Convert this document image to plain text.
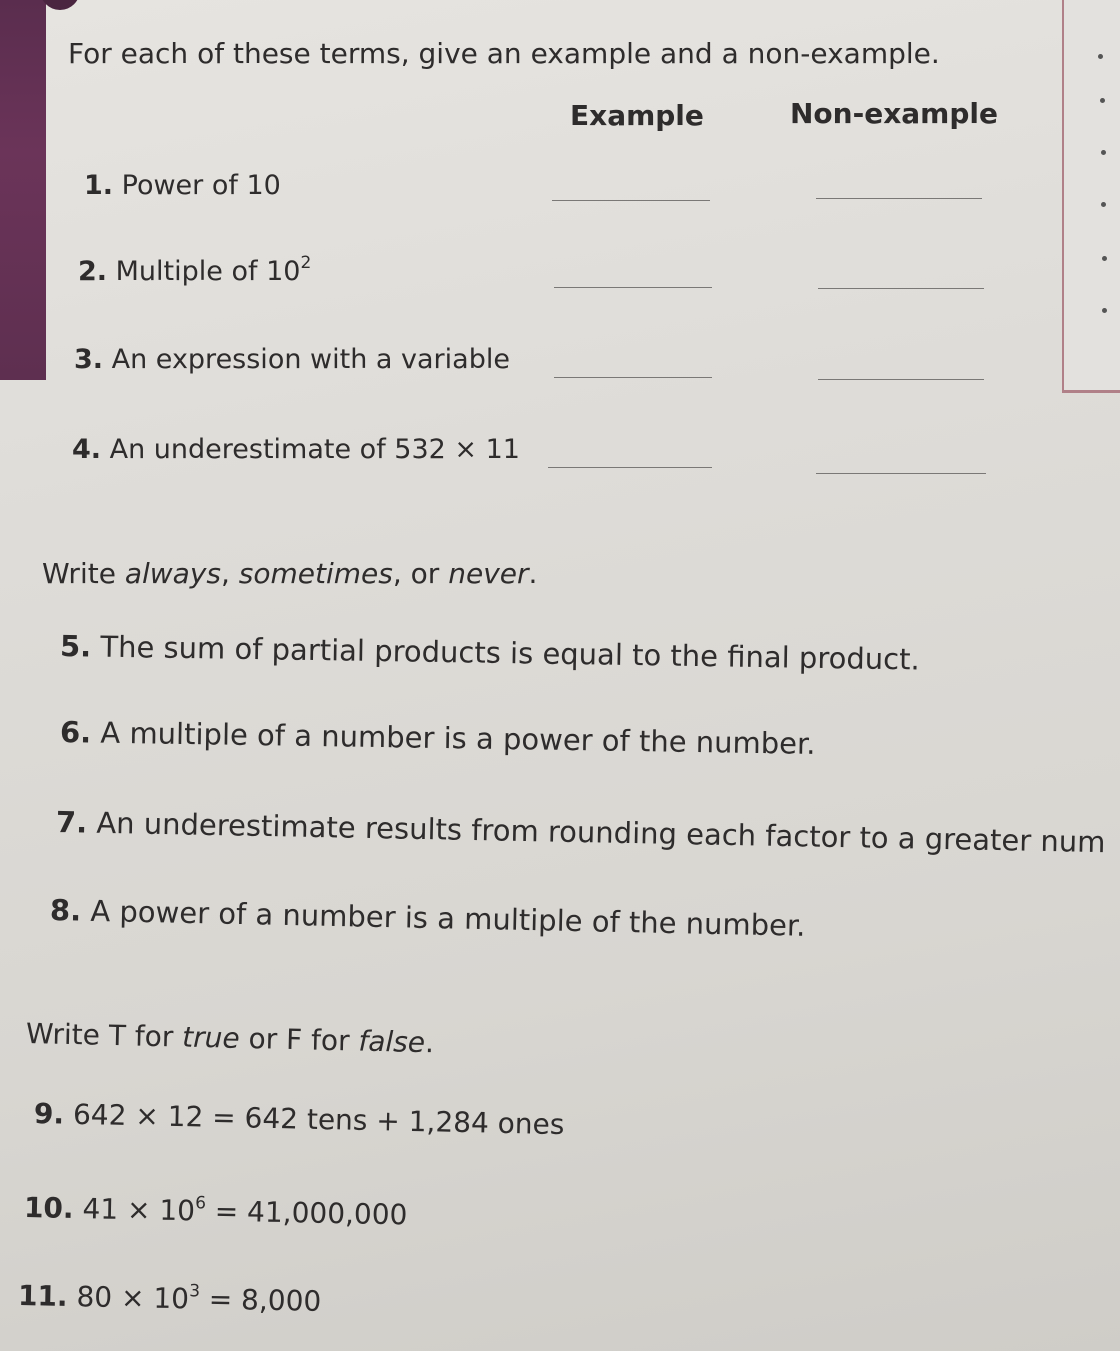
For each of these terms, give an example and a non-example.
Example	Non-example
1. Power of 10
2. Multiple of $10^2$
3. An expression with a variable
4. An underestimate of 532 × 11
Write always, sometimes, or never.
5. The sum of partial products is equal to the final product.
6. A multiple of a number is a power of the number.
7. An underestimate results from rounding each factor to a greater num
8. A power of a number is a multiple of the number.
Write T for true or F for false.
9. 642 × 12 = 642 tens + 1,284 ones
10. $41 \times 10^6 = 41,000,000$
11. $80 \times 10^3 = 8,000$
